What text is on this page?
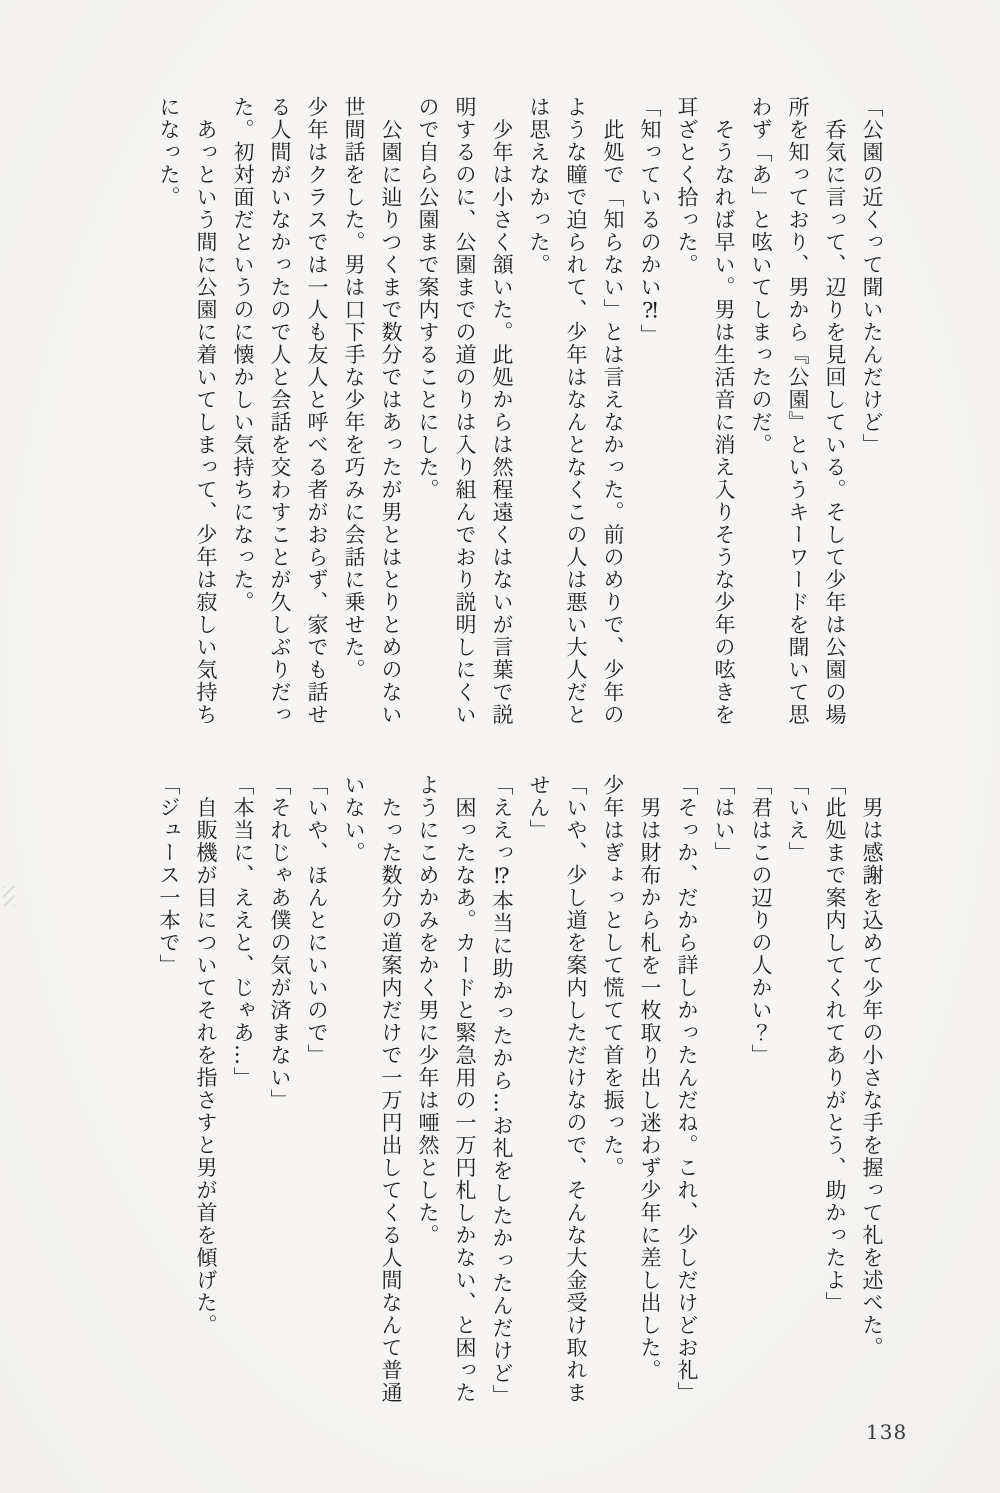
「公園の近くって聞いたんだけど」

　呑気に言って、辺りを見回している。そして少年は公園の場

所を知っており、男から『公園』というキーワードを聞いて思

わず「あ」と呟いてしまったのだ。

　そうなれば早い。男は生活音に消え入りそうな少年の呟きを

耳ざとく拾った。

「知っているのかい⁈」

　此処で「知らない」とは言えなかった。前のめりで、少年の

ような瞳で迫られて、少年はなんとなくこの人は悪い大人だと

は思えなかった。

　少年は小さく頷いた。此処からは然程遠くはないが言葉で説

明するのに、公園までの道のりは入り組んでおり説明しにくい

ので自ら公園まで案内することにした。

　公園に辿りつくまで数分ではあったが男とはとりとめのない

世間話をした。男は口下手な少年を巧みに会話に乗せた。

少年はクラスでは一人も友人と呼べる者がおらず、家でも話せ

る人間がいなかったので人と会話を交わすことが久しぶりだっ

た。初対面だというのに懐かしい気持ちになった。

　あっという間に公園に着いてしまって、少年は寂しい気持ち

になった。

　男は感謝を込めて少年の小さな手を握って礼を述べた。

「此処まで案内してくれてありがとう、助かったよ」

「いえ」

「君はこの辺りの人かい？」

「はい」

「そっか、だから詳しかったんだね。これ、少しだけどお礼」

　男は財布から札を一枚取り出し迷わず少年に差し出した。

少年はぎょっとして慌てて首を振った。

「いや、少し道を案内しただけなので、そんな大金受け取れま

せん」

「ええっ⁉本当に助かったから…お礼をしたかったんだけど」

　困ったなあ。カードと緊急用の一万円札しかない、と困った

ようにこめかみをかく男に少年は唖然とした。

　たった数分の道案内だけで一万円出してくる人間なんて普通

いない。

「いや、ほんとにいいので」

「それじゃあ僕の気が済まない」

「本当に、ええと、じゃあ…」

　自販機が目についてそれを指さすと男が首を傾げた。

「ジュース一本で」

138
